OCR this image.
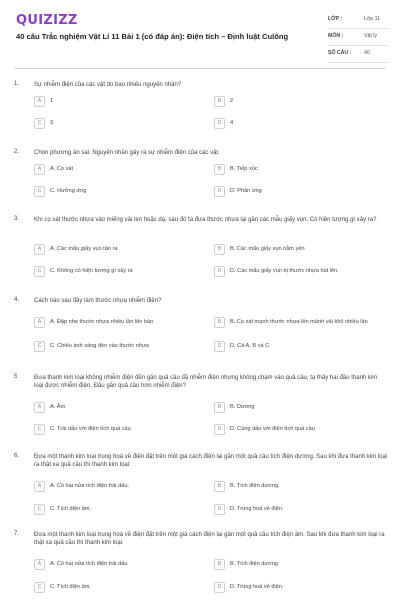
QUIZIZZ
40 câu Trắc nghiệm Vật Lí 11 Bài 1 (có đáp án): Điện tích – Định luật Culông
LỚP :	Lớp 11
MÔN :	Vật lý
SỐ CÂU : 40
1. Sự nhiễm điện của các vật do bao nhiêu nguyên nhân?
A	1	B	2
C	3	D	4
2. Chọn phương án sai. Nguyên nhân gây ra sự nhiễm điện của các vật.
A	A. Cọ xát	B	B. Tiếp xúc
C	C. Hưởng ứng	D	D. Phản ứng
3. Khi cọ xát thước nhựa vào miếng vải len hoặc dạ, sau đó ta đưa thước nhựa lại gần các mẫu giấy vụn. Có hiện tượng gì xảy ra?
A	A. Các mẩu giấy vụn tản ra	B	B. Các mẩu giấy vụn nằm yên
C	C. Không có hiện tượng gì xảy ra	D	D. Các mẩu giấy vụn bị thước nhựa hút lên.
4. Cách nào sau đây làm thước nhựa nhiễm điện?
A	A. Đập nhẹ thước nhựa nhiều lần lên bàn	B	B. Cọ xát mạnh thước nhựa lên mảnh vải khô nhiều lần
C	C. Chiếu ánh sáng đèn vào thước nhựa	D	D. Cả A, B và C
5. Đưa thanh kim loại không nhiễm điện đến gần quả cầu đã nhiễm điện nhưng không chạm vào quả cầu, ta thấy hai đầu thanh kim loại được nhiễm điện. Đầu gần quả cầu hơn nhiễm điện?
A	A. Âm	B	B. Dương
C	C. Trái dấu với điện tích quả cầu	D	D. Cùng dấu với điện tích quả cầu
6. Đưa một thanh kim loại trung hoà về điện đặt trên một giá cách điện lại gần một quả cầu tích điện dương. Sau khi đưa thanh kim loại ra thật xa quả cầu thì thanh kim loại:
A	A. Có hai nửa tích điện trái dấu.	B	B. Tích điện dương.
C	C. Tích điện âm.	D	D. Trung hoà về điện.
7. Đưa một thanh kim loại trung hoà về điện đặt trên một giá cách điện lại gần một quả cầu tích điện âm. Sau khi đưa thanh kim loại ra thật xa quả cầu thì thanh kim loại:
A	A. Có hai nửa tích điện trái dấu	B	B. Tích điện dương
C	C. Tích điện âm.	D	D. Trung hoà về điện.
